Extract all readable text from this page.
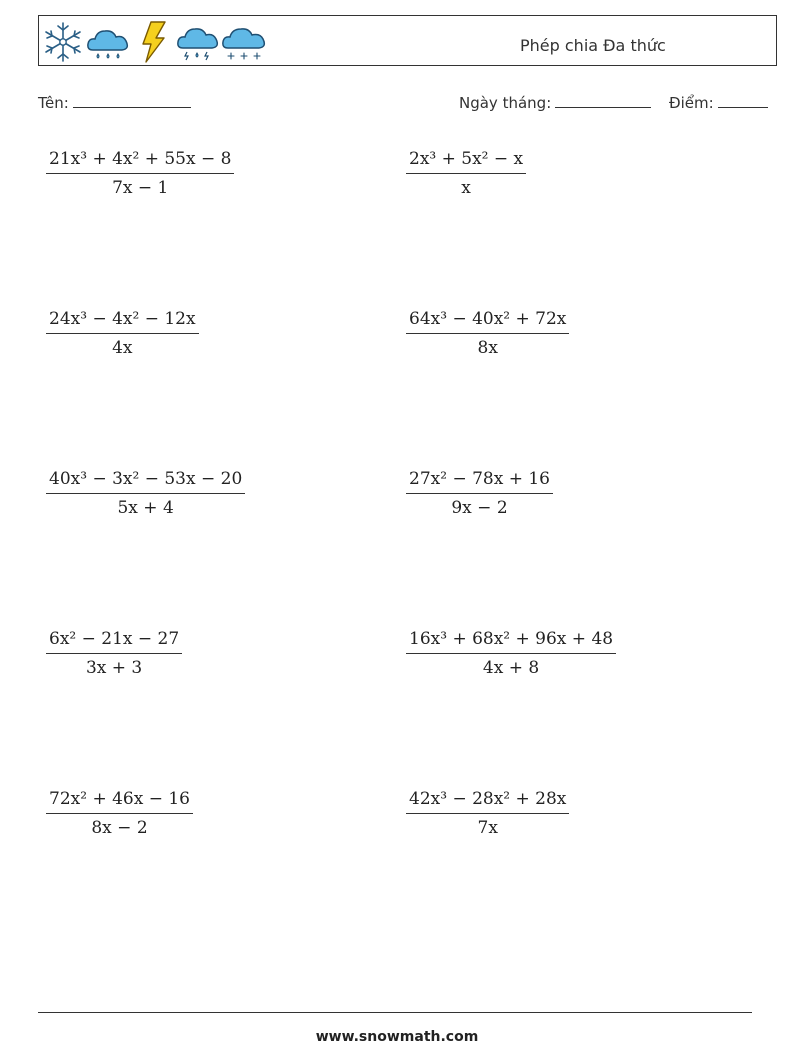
Phép chia Đa thức
Tên:	Ngày tháng:	Điểm:
$\frac{\text{21x³ + 4x² + 55x − 8}}{7x - 1}$	$\frac{\text{2x³ + 5x² − x}}{x}$
$\frac{\text{24x³ − 4x² − 12x}}{4x}$	$\frac{\text{64x³ − 40x² + 72x}}{8x}$
$\frac{\text{40x³ − 3x² − 53x − 20}}{5x + 4}$	$\frac{\text{27x² − 78x + 16}}{9x - 2}$
$\frac{\text{6x² − 21x − 27}}{3x + 3}$	$\frac{\text{16x³ + 68x² + 96x + 48}}{4x + 8}$
$\frac{\text{72x² + 46x − 16}}{8x - 2}$	$\frac{\text{42x³ − 28x² + 28x}}{7x}$
www.snowmath.com
